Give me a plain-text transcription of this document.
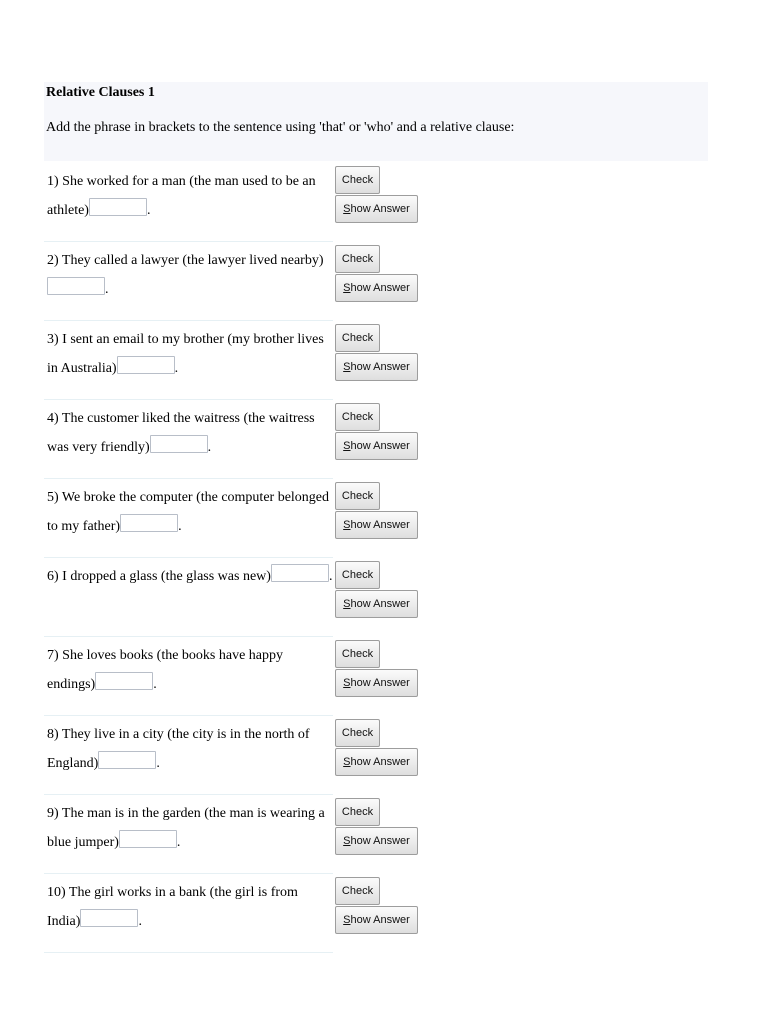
Relative Clauses 1
Add the phrase in brackets to the sentence using 'that' or 'who' and a relative clause:
1) She worked for a man (the man used to be an athlete)	.
Check
Show Answer
2) They called a lawyer (the lawyer lived nearby).
Check
Show Answer
3) I sent an email to my brother (my brother lives in Australia)	.
Check
Show Answer
4) The customer liked the waitress (the waitress was very friendly)	.
Check
Show Answer
5) We broke the computer (the computer belonged to my father)	.
Check
Show Answer
6) I dropped a glass (the glass was new)	. Check
Show Answer
7) She loves books (the books have happy endings)	.
Check
Show Answer
8) They live in a city (the city is in the north of England)	.
Check
Show Answer
9) The man is in the garden (the man is wearing a blue jumper)	.
Check
Show Answer
10) The girl works in a bank (the girl is from India)	.
Check
Show Answer
